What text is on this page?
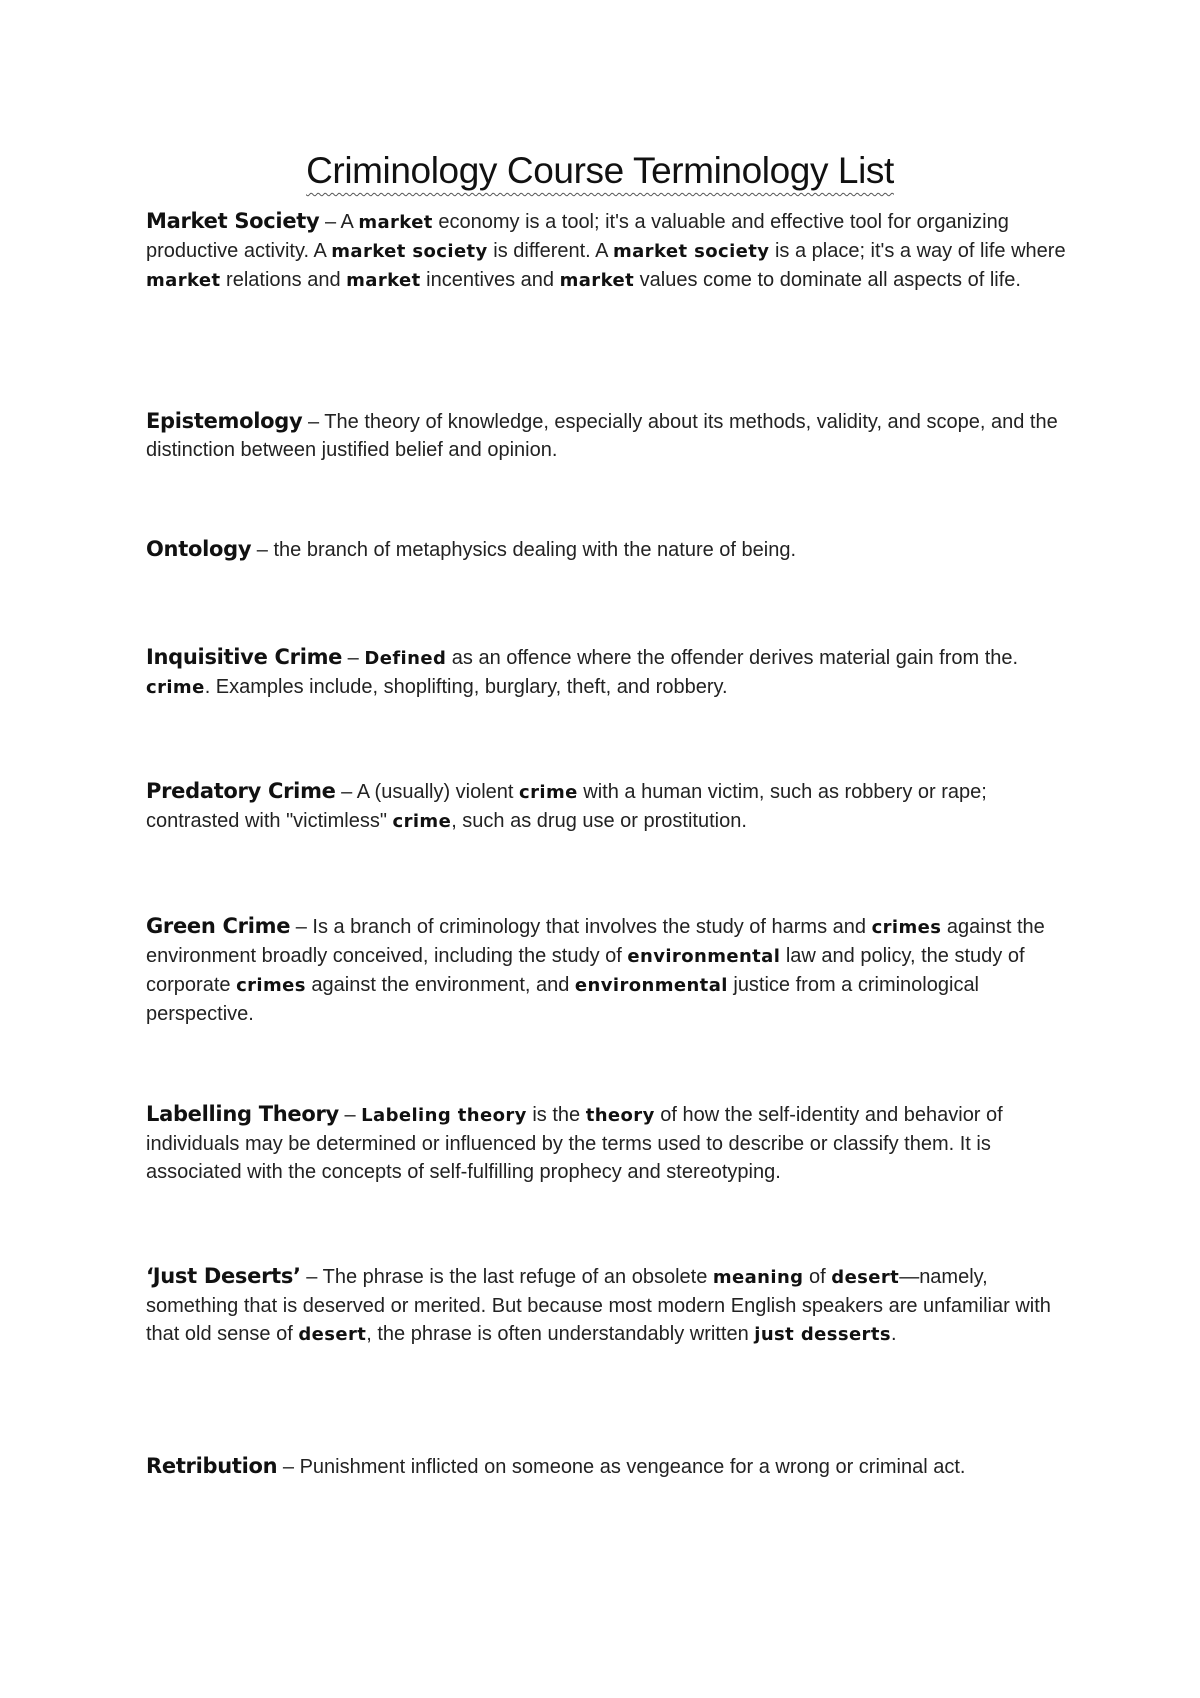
Criminology Course Terminology List

Market Society – A market economy is a tool; it's a valuable and effective tool for organizing productive activity. A market society is different. A market society is a place; it's a way of life where market relations and market incentives and market values come to dominate all aspects of life.

Epistemology – The theory of knowledge, especially about its methods, validity, and scope, and the distinction between justified belief and opinion.

Ontology – the branch of metaphysics dealing with the nature of being.

Inquisitive Crime – Defined as an offence where the offender derives material gain from the. crime. Examples include, shoplifting, burglary, theft, and robbery.

Predatory Crime – A (usually) violent crime with a human victim, such as robbery or rape; contrasted with "victimless" crime, such as drug use or prostitution.

Green Crime – Is a branch of criminology that involves the study of harms and crimes against the environment broadly conceived, including the study of environmental law and policy, the study of corporate crimes against the environment, and environmental justice from a criminological perspective.

Labelling Theory – Labeling theory is the theory of how the self-identity and behavior of individuals may be determined or influenced by the terms used to describe or classify them. It is associated with the concepts of self-fulfilling prophecy and stereotyping.

‘Just Deserts’ – The phrase is the last refuge of an obsolete meaning of desert—namely, something that is deserved or merited. But because most modern English speakers are unfamiliar with that old sense of desert, the phrase is often understandably written just desserts.

Retribution – Punishment inflicted on someone as vengeance for a wrong or criminal act.
